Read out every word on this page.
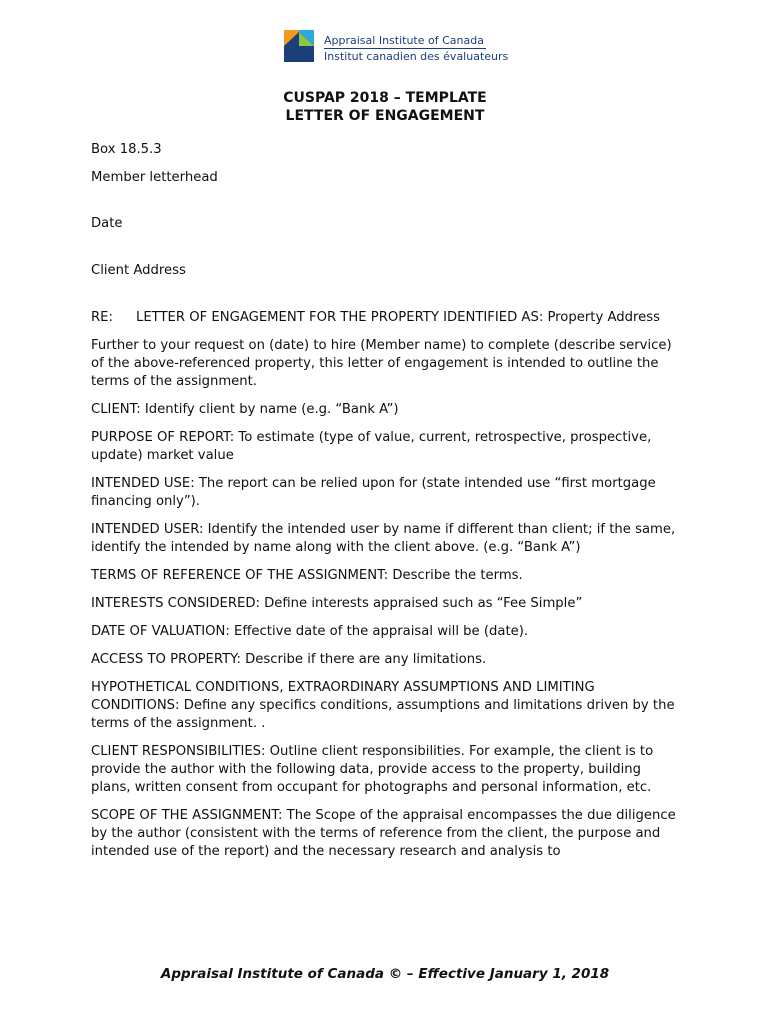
Appraisal Institute of Canada
Institut canadien des évaluateurs
CUSPAP 2018 – TEMPLATE
LETTER OF ENGAGEMENT

Box 18.5.3

Member letterhead

Date

Client Address

RE: LETTER OF ENGAGEMENT FOR THE PROPERTY IDENTIFIED AS: Property Address

Further to your request on (date) to hire (Member name) to complete (describe service) of the above-referenced property, this letter of engagement is intended to outline the terms of the assignment.

CLIENT: Identify client by name (e.g. “Bank A”)

PURPOSE OF REPORT: To estimate (type of value, current, retrospective, prospective, update) market value

INTENDED USE: The report can be relied upon for (state intended use “first mortgage financing only”).

INTENDED USER: Identify the intended user by name if different than client; if the same, identify the intended by name along with the client above. (e.g. “Bank A”)

TERMS OF REFERENCE OF THE ASSIGNMENT: Describe the terms.

INTERESTS CONSIDERED: Define interests appraised such as “Fee Simple”

DATE OF VALUATION: Effective date of the appraisal will be (date).

ACCESS TO PROPERTY: Describe if there are any limitations.

HYPOTHETICAL CONDITIONS, EXTRAORDINARY ASSUMPTIONS AND LIMITING CONDITIONS: Define any specifics conditions, assumptions and limitations driven by the terms of the assignment. .

CLIENT RESPONSIBILITIES: Outline client responsibilities. For example, the client is to provide the author with the following data, provide access to the property, building plans, written consent from occupant for photographs and personal information, etc.

SCOPE OF THE ASSIGNMENT: The Scope of the appraisal encompasses the due diligence by the author (consistent with the terms of reference from the client, the purpose and intended use of the report) and the necessary research and analysis to

Appraisal Institute of Canada © – Effective January 1, 2018
